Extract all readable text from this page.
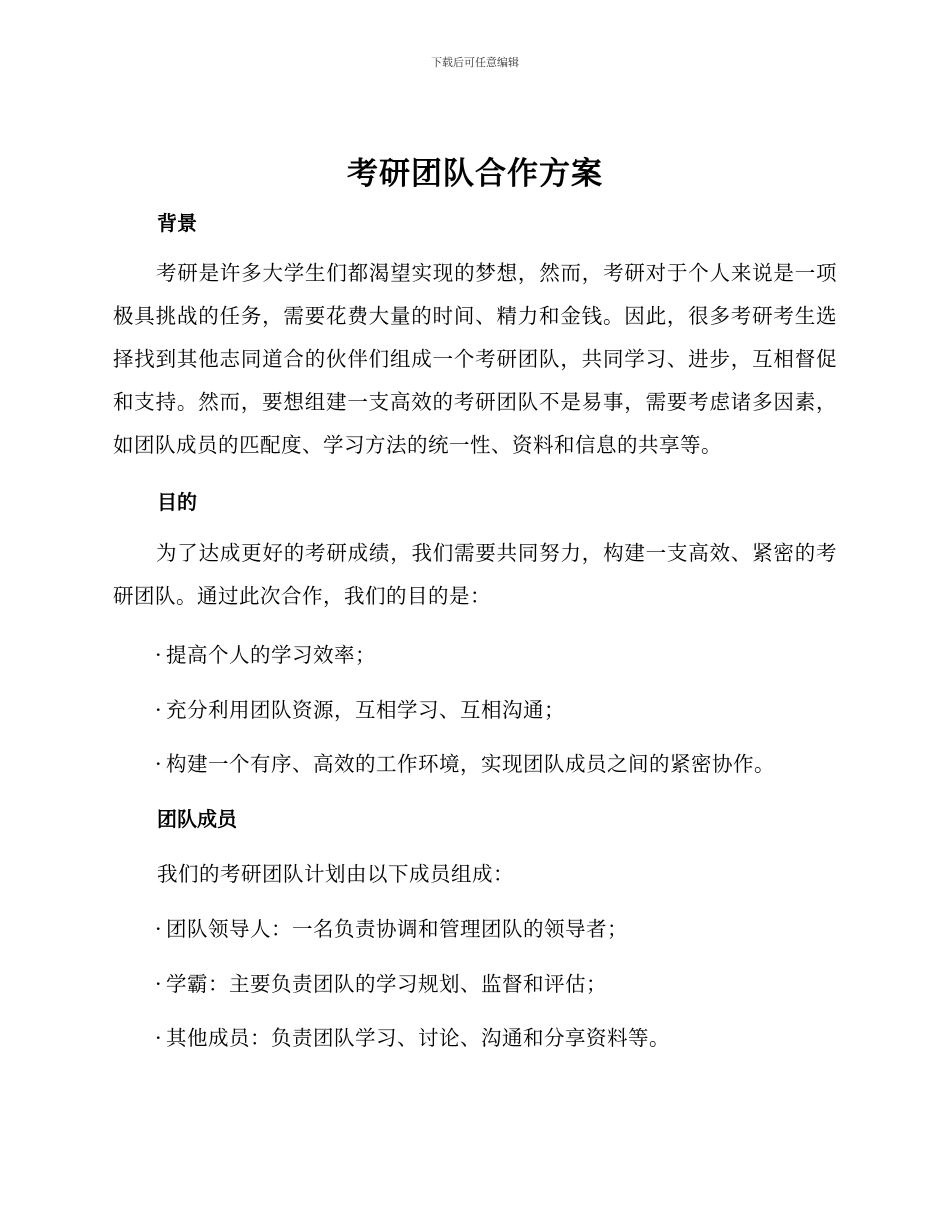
下载后可任意编辑
考研团队合作方案
背景
考研是许多大学生们都渴望实现的梦想，然而，考研对于个人来说是一项极具挑战的任务，需要花费大量的时间、精力和金钱。因此，很多考研考生选择找到其他志同道合的伙伴们组成一个考研团队，共同学习、进步，互相督促和支持。然而，要想组建一支高效的考研团队不是易事，需要考虑诸多因素，如团队成员的匹配度、学习方法的统一性、资料和信息的共享等。
目的
为了达成更好的考研成绩，我们需要共同努力，构建一支高效、紧密的考研团队。通过此次合作，我们的目的是：
· 提高个人的学习效率；
· 充分利用团队资源，互相学习、互相沟通；
· 构建一个有序、高效的工作环境，实现团队成员之间的紧密协作。
团队成员
我们的考研团队计划由以下成员组成：
· 团队领导人：一名负责协调和管理团队的领导者；
· 学霸：主要负责团队的学习规划、监督和评估；
· 其他成员：负责团队学习、讨论、沟通和分享资料等。
